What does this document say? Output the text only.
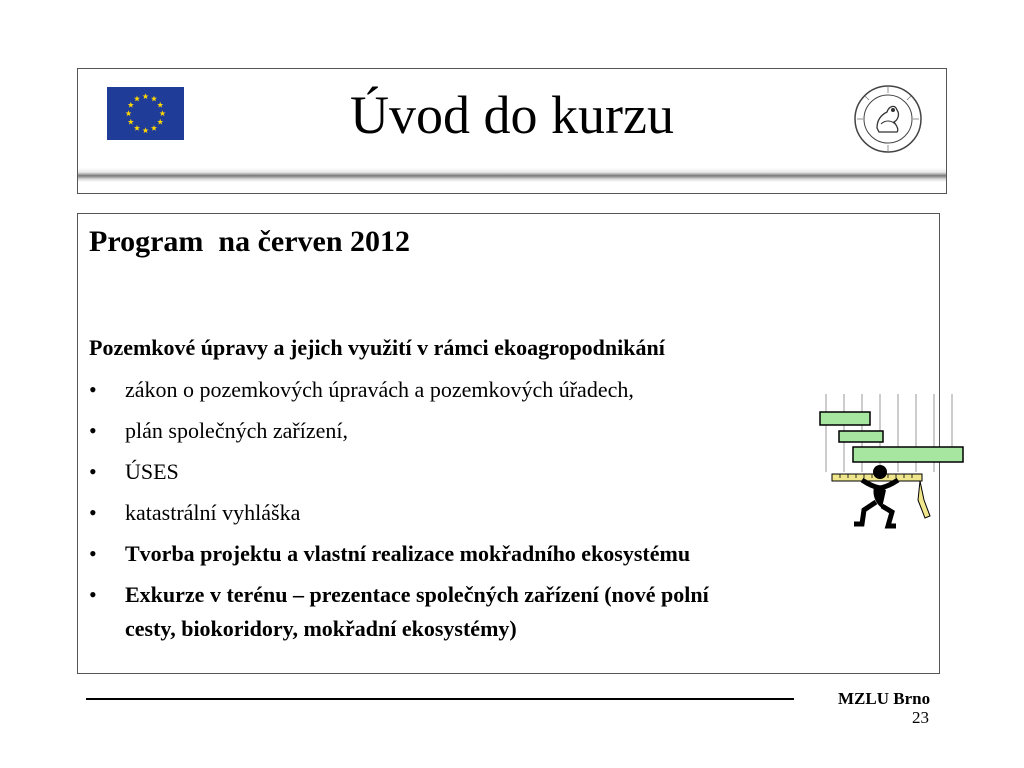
Úvod do kurzu
Program  na červen 2012
Pozemkové úpravy a jejich využití v rámci ekoagropodnikání
• zákon o pozemkových úpravách a pozemkových úřadech,
• plán společných zařízení,
• ÚSES
• katastrální vyhláška
• Tvorba projektu a vlastní realizace mokřadního ekosystému
• Exkurze v terénu – prezentace společných zařízení (nové polní
cesty, biokoridory, mokřadní ekosystémy)
MZLU Brno
23
